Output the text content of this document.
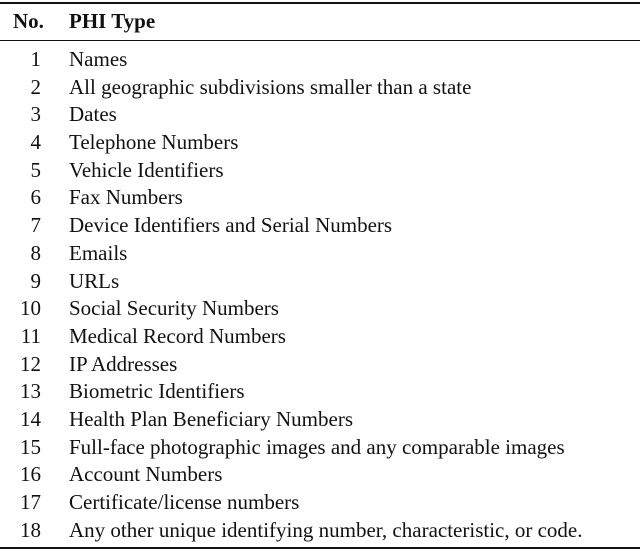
No. PHI Type
1 Names
2 All geographic subdivisions smaller than a state
3 Dates
4 Telephone Numbers
5 Vehicle Identifiers
6 Fax Numbers
7 Device Identifiers and Serial Numbers
8 Emails
9 URLs
10 Social Security Numbers
11 Medical Record Numbers
12 IP Addresses
13 Biometric Identifiers
14 Health Plan Beneficiary Numbers
15 Full-face photographic images and any comparable images
16 Account Numbers
17 Certificate/license numbers
18 Any other unique identifying number, characteristic, or code.
